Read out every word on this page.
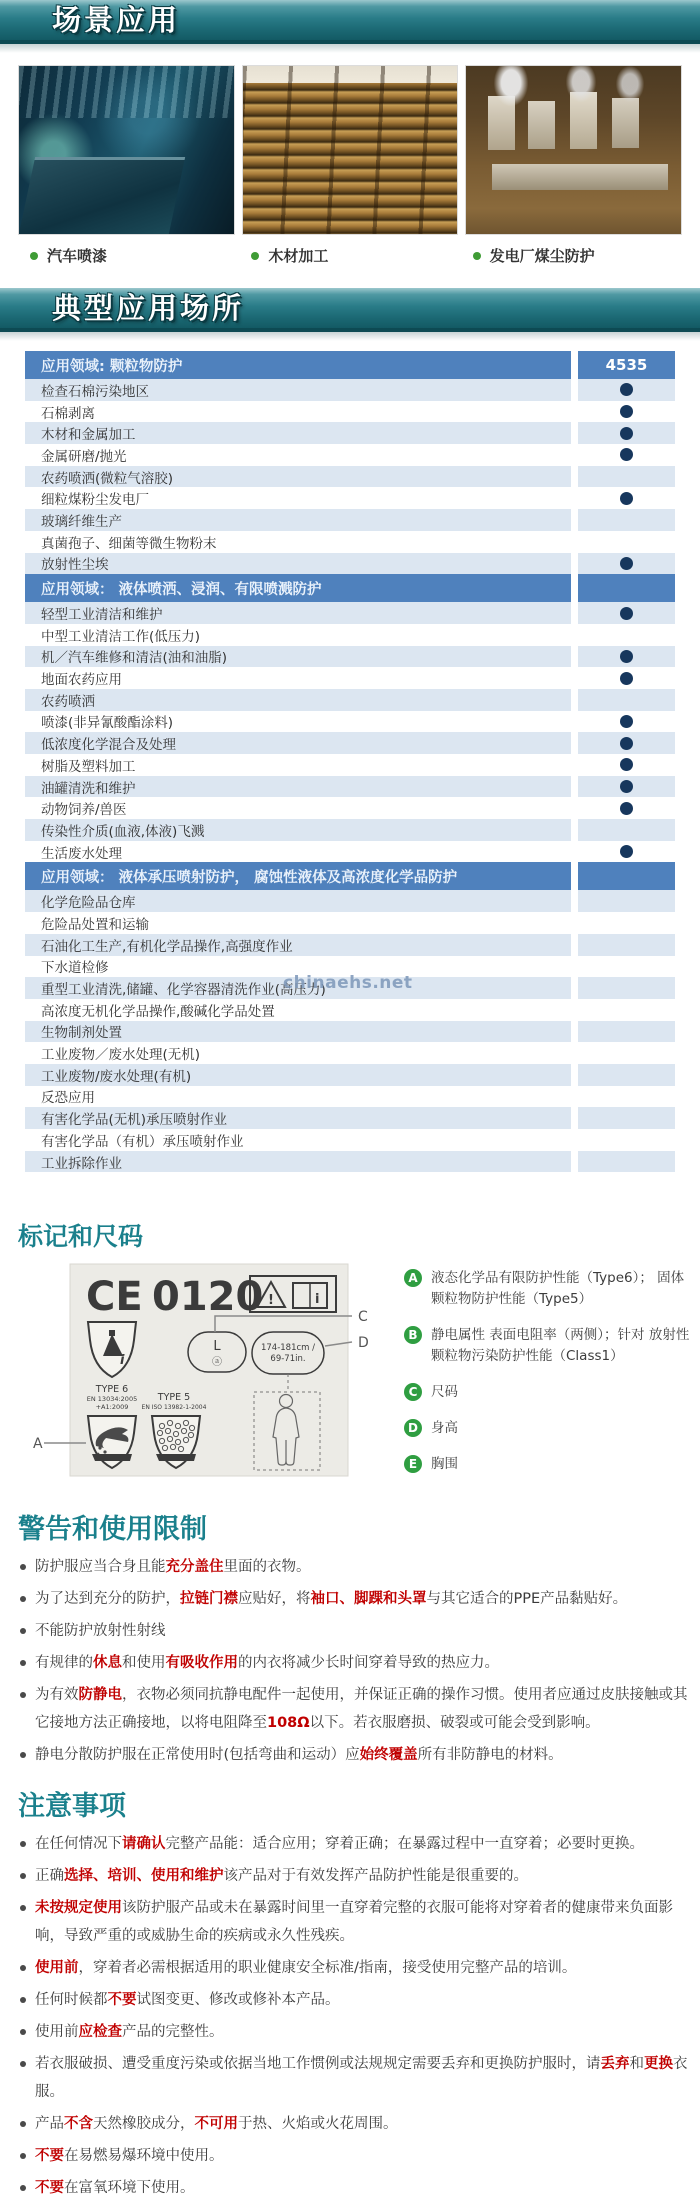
场景应用
汽车喷漆	木材加工	发电厂煤尘防护
典型应用场所
应用领域: 颗粒物防护	4535
检查石棉污染地区
石棉剥离
木材和金属加工
金属研磨/抛光
农药喷洒(微粒气溶胶)
细粒煤粉尘发电厂
玻璃纤维生产
真菌孢子、细菌等微生物粉末
放射性尘埃
应用领域： 液体喷洒、浸润、有限喷溅防护
轻型工业清洁和维护
中型工业清洁工作(低压力)
机／汽车维修和清洁(油和油脂)
地面农药应用
农药喷洒
喷漆(非异氰酸酯涂料)
低浓度化学混合及处理
树脂及塑料加工
油罐清洗和维护
动物饲养/兽医
传染性介质(血液,体液)飞溅
生活废水处理
应用领域： 液体承压喷射防护， 腐蚀性液体及高浓度化学品防护
化学危险品仓库
危险品处置和运输
石油化工生产,有机化学品操作,高强度作业
下水道检修
重型工业清洗,储罐、化学容器清洗作业(高压力)
高浓度无机化学品操作,酸碱化学品处置
生物制剂处置
工业废物／废水处理(无机)
工业废物/废水处理(有机)
反恐应用
有害化学品(无机)承压喷射作业
有害化学品（有机）承压喷射作业
工业拆除作业
chinaehs.net
标记和尺码
CE 0120 !	i
i
TYPE 6
EN 13034:2005
+A1:2009
A
TYPE 5
EN ISO 13982-1-2004
L
ⓐ
174-181cm /
69-71in.
C
D
A 液态化学品有限防护性能（Type6）； 固体颗粒物防护性能（Type5）
B 静电属性 表面电阻率（两侧）；针对 放射性颗粒物污染防护性能（Class1）
C	尺码
D 身高
E	胸围
警告和使用限制
防护服应当合身且能充分盖住里面的衣物。
为了达到充分的防护，拉链门襟应贴好，将袖口、脚踝和头罩与其它适合的PPE产品黏贴好。
不能防护放射性射线
有规律的休息和使用有吸收作用的内衣将减少长时间穿着导致的热应力。
为有效防静电，衣物必须同抗静电配件一起使用，并保证正确的操作习惯。使用者应通过皮肤接触或其它接地方法正确接地，以将电阻降至108Ω以下。若衣服磨损、破裂或可能会受到影响。
静电分散防护服在正常使用时(包括弯曲和运动）应始终覆盖所有非防静电的材料。
注意事项
在任何情况下请确认完整产品能：适合应用；穿着正确；在暴露过程中一直穿着；必要时更换。
正确选择、培训、使用和维护该产品对于有效发挥产品防护性能是很重要的。
未按规定使用该防护服产品或未在暴露时间里一直穿着完整的衣服可能将对穿着者的健康带来负面影响，导致严重的或威胁生命的疾病或永久性残疾。
使用前，穿着者必需根据适用的职业健康安全标准/指南，接受使用完整产品的培训。
任何时候都不要试图变更、修改或修补本产品。
使用前应检查产品的完整性。
若衣服破损、遭受重度污染或依据当地工作惯例或法规规定需要丢弃和更换防护服时，请丢弃和更换衣服。
产品不含天然橡胶成分，不可用于热、火焰或火花周围。
不要在易燃易爆环境中使用。
不要在富氧环境下使用。
